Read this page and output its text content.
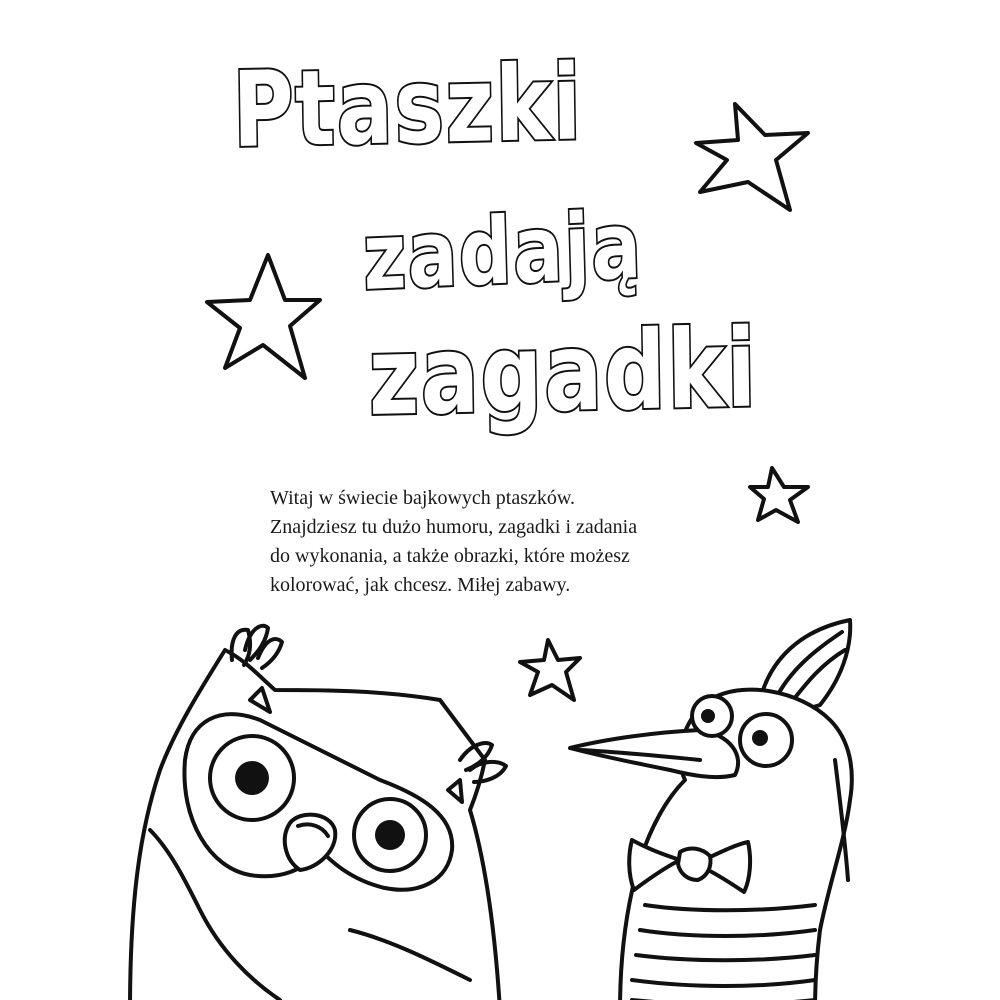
Ptaszki
zadają
zagadki

Witaj w świecie bajkowych ptaszków.
Znajdziesz tu dużo humoru, zagadki i zadania
do wykonania, a także obrazki, które możesz
kolorować, jak chcesz. Miłej zabawy.
